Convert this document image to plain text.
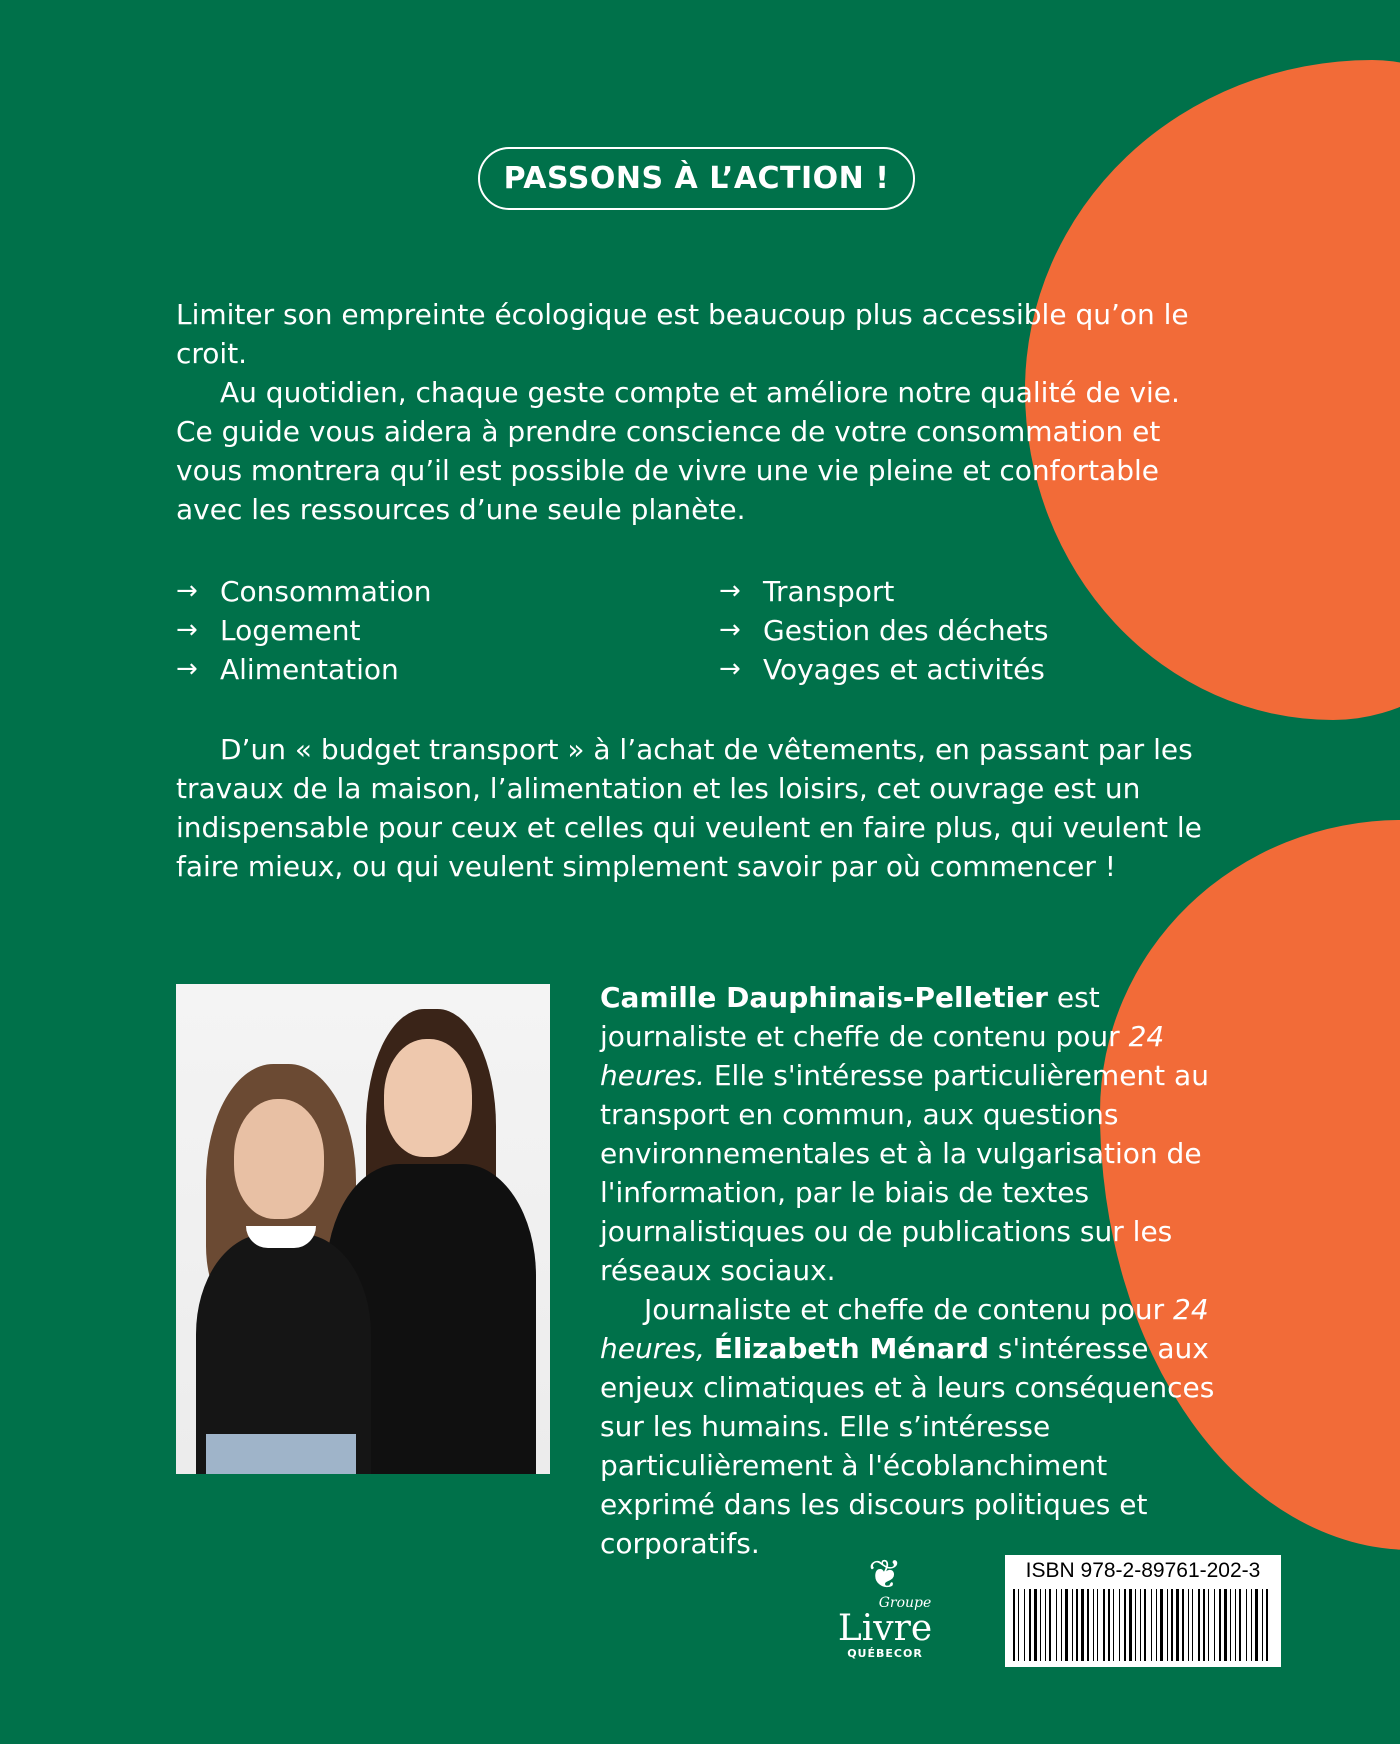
PASSONS À L’ACTION !

Limiter son empreinte écologique est beaucoup plus accessible qu’on le croit.

Au quotidien, chaque geste compte et améliore notre qualité de vie. Ce guide vous aidera à prendre conscience de votre consommation et vous montrera qu’il est possible de vivre une vie pleine et confortable avec les ressources d’une seule planète.

→ Consommation
→ Logement
→ Alimentation
→ Transport
→ Gestion des déchets
→ Voyages et activités

D’un « budget transport » à l’achat de vêtements, en passant par les travaux de la maison, l’alimentation et les loisirs, cet ouvrage est un indispensable pour ceux et celles qui veulent en faire plus, qui veulent le faire mieux, ou qui veulent simplement savoir par où commencer !

Camille Dauphinais-Pelletier est journaliste et cheffe de contenu pour 24 heures. Elle s'intéresse particulièrement au transport en commun, aux questions environnementales et à la vulgarisation de l'information, par le biais de textes journalistiques ou de publications sur les réseaux sociaux.

Journaliste et cheffe de contenu pour 24 heures, Élizabeth Ménard s'intéresse aux enjeux climatiques et à leurs conséquences sur les humains. Elle s’intéresse particulièrement à l'écoblanchiment exprimé dans les discours politiques et corporatifs.

❦
Groupe
Livre
QUÉBECOR
ISBN 978-2-89761-202-3
